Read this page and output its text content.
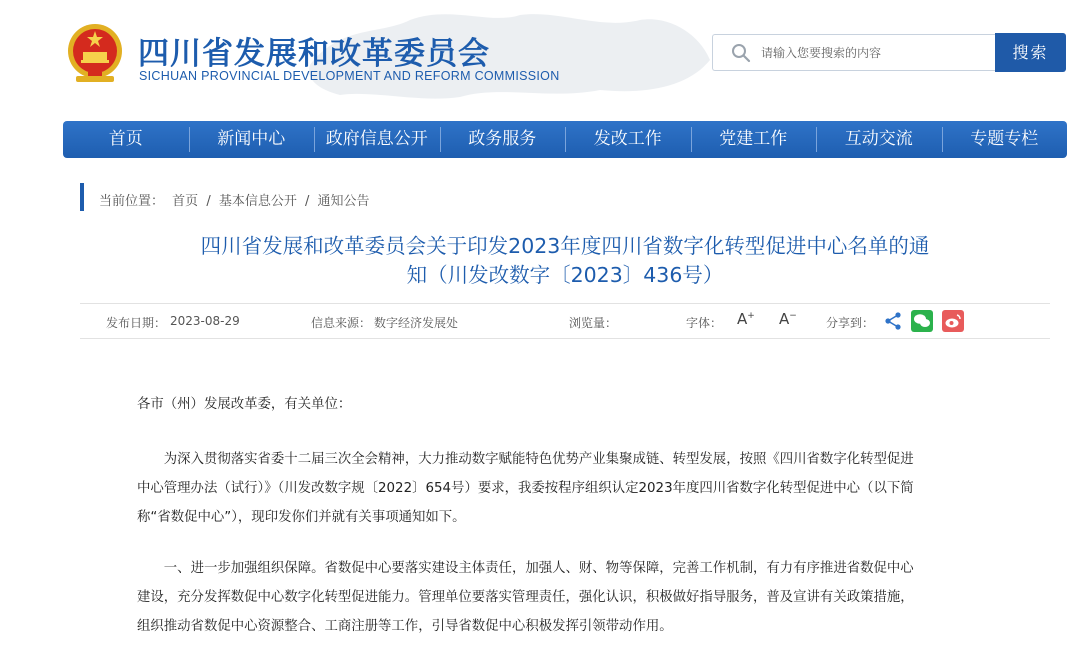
四川省发展和改革委员会
SICHUAN PROVINCIAL DEVELOPMENT AND REFORM COMMISSION
请输入您要搜索的内容
搜索
首页	新闻中心	政府信息公开	政务服务	发改工作	党建工作	互动交流	专题专栏
当前位置： 首页 / 基本信息公开 / 通知公告
四川省发展和改革委员会关于印发2023年度四川省数字化转型促进中心名单的通
知（川发改数字〔2023〕436号）
发布日期： 2023-08-29	信息来源： 数字经济发展处	浏览量：	字体： A+ A− 分享到：

各市（州）发展改革委，有关单位：

为深入贯彻落实省委十二届三次全会精神，大力推动数字赋能特色优势产业集聚成链、转型发展，按照《四川省数字化转型促进

中心管理办法（试行）》（川发改数字规〔2022〕654号）要求，我委按程序组织认定2023年度四川省数字化转型促进中心（以下简

称“省数促中心”），现印发你们并就有关事项通知如下。

一、进一步加强组织保障。省数促中心要落实建设主体责任，加强人、财、物等保障，完善工作机制，有力有序推进省数促中心

建设，充分发挥数促中心数字化转型促进能力。管理单位要落实管理责任，强化认识，积极做好指导服务，普及宣讲有关政策措施，

组织推动省数促中心资源整合、工商注册等工作，引导省数促中心积极发挥引领带动作用。
